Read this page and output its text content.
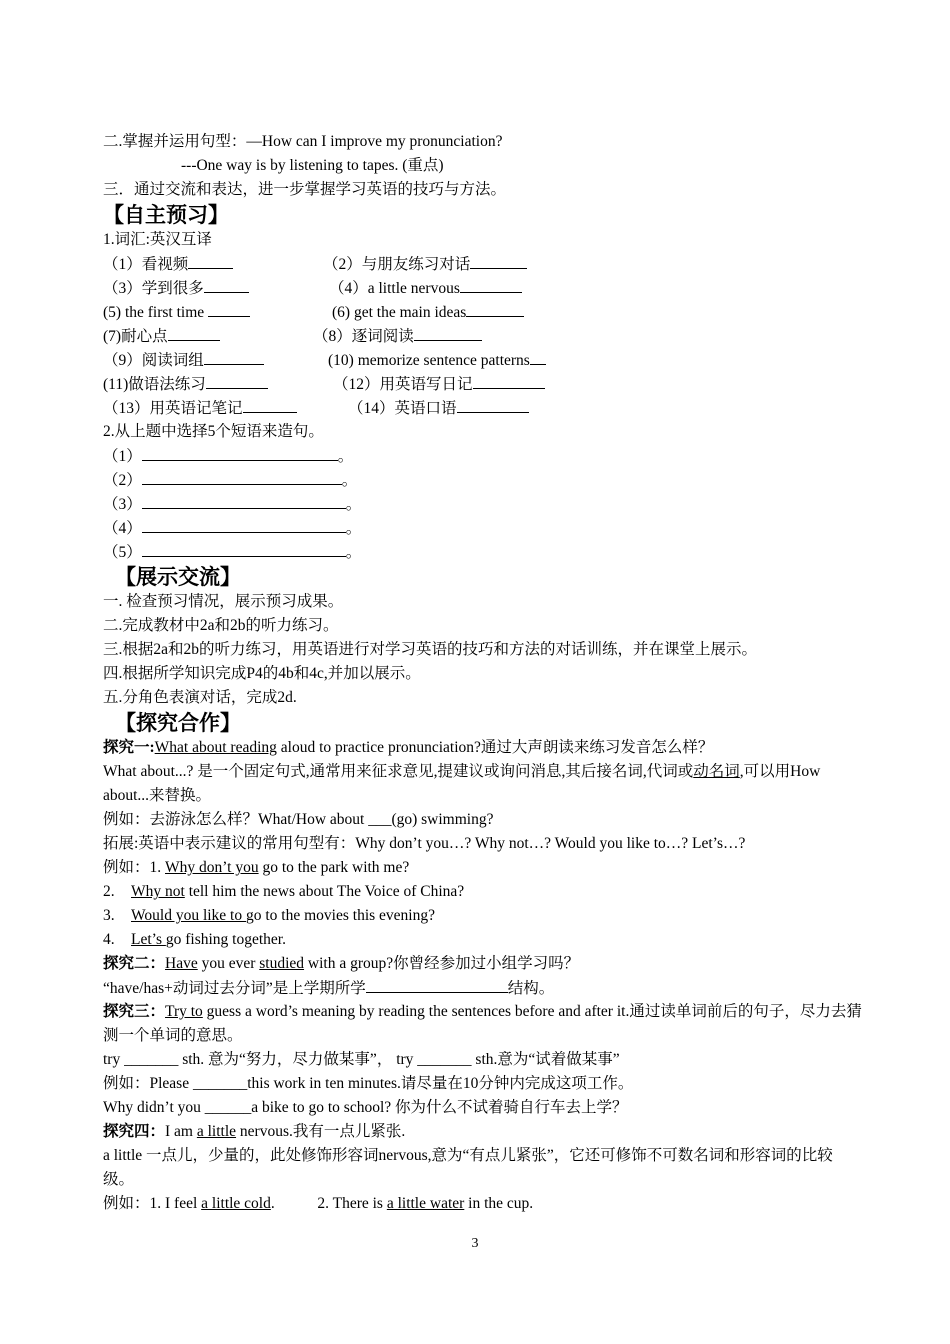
二.掌握并运用句型：—How can I improve my pronunciation?
---One way is by listening to tapes. (重点)
三．通过交流和表达，进一步掌握学习英语的技巧与方法。
【自主预习】
1.词汇:英汉互译
（1）看视频	（2）与朋友练习对话
（3）学到很多	（4）a little nervous
(5) the first time	(6) get the main ideas
(7)耐心点	（8）逐词阅读
（9）阅读词组	(10) memorize sentence patterns
(11)做语法练习	（12）用英语写日记
（13）用英语记笔记	（14）英语口语
2.从上题中选择5个短语来造句。
（1）	。
（2）	。
（3）	。
（4）	。
（5）	。
【展示交流】
一. 检查预习情况，展示预习成果。
二.完成教材中2a和2b的听力练习。
三.根据2a和2b的听力练习，用英语进行对学习英语的技巧和方法的对话训练，并在课堂上展示。
四.根据所学知识完成P4的4b和4c,并加以展示。
五.分角色表演对话，完成2d.
【探究合作】
探究一:What about reading aloud to practice pronunciation?通过大声朗读来练习发音怎么样？
What about...? 是一个固定句式,通常用来征求意见,提建议或询问消息,其后接名词,代词或动名词,可以用How about...来替换。
例如：去游泳怎么样？What/How about ___(go) swimming?
拓展:英语中表示建议的常用句型有：Why don’t you…? Why not…? Would you like to…? Let’s…?
例如：1. Why don’t you go to the park with me?
2. Why not tell him the news about The Voice of China?
3. Would you like to go to the movies this evening?
4. Let’s go fishing together.
探究二：Have you ever studied with a group?你曾经参加过小组学习吗？
“have/has+动词过去分词”是上学期所学	结构。
探究三：Try to guess a word’s meaning by reading the sentences before and after it.通过读单词前后的句子，尽力去猜测一个单词的意思。
try _______ sth. 意为“努力，尽力做某事”， try _______ sth.意为“试着做某事”
例如：Please _______this work in ten minutes.请尽量在10分钟内完成这项工作。
Why didn’t you ______a bike to go to school? 你为什么不试着骑自行车去上学？
探究四：I am a little nervous.我有一点儿紧张.
a little 一点儿，少量的，此处修饰形容词nervous,意为“有点儿紧张”，它还可修饰不可数名词和形容词的比较级。
例如：1. I feel a little cold.           2. There is a little water in the cup.
3
